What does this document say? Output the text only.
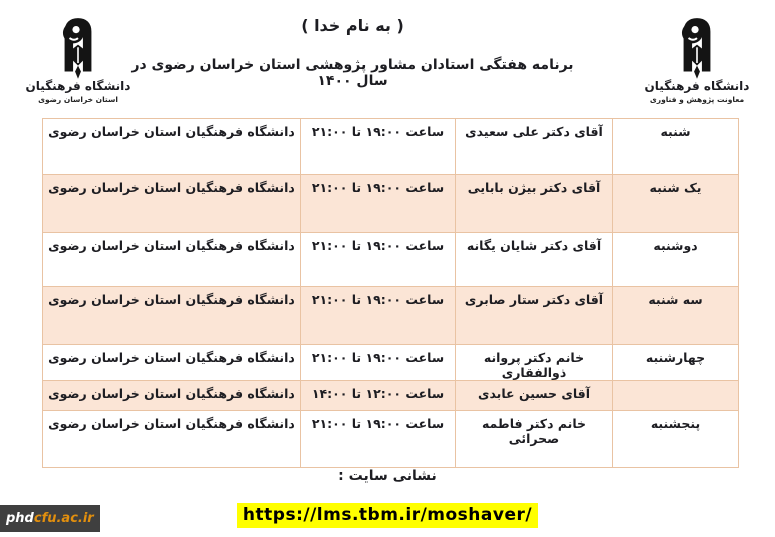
دانشگاه فرهنگیان
استان خراسان رضوی
دانشگاه فرهنگیان
معاونت پژوهش و فناوری
( به نام خدا )
برنامه هفتگی استادان مشاور پژوهشی استان خراسان رضوی در سال ۱۴۰۰
شنبه	آقای دکتر علی سعیدی	ساعت ۱۹:۰۰ تا ۲۱:۰۰	دانشگاه فرهنگیان استان خراسان رضوی
یک شنبه	آقای دکتر بیژن بابایی	ساعت ۱۹:۰۰ تا ۲۱:۰۰	دانشگاه فرهنگیان استان خراسان رضوی
دوشنبه	آقای دکتر شایان یگانه	ساعت ۱۹:۰۰ تا ۲۱:۰۰	دانشگاه فرهنگیان استان خراسان رضوی
سه شنبه	آقای دکتر ستار صابری	ساعت ۱۹:۰۰ تا ۲۱:۰۰	دانشگاه فرهنگیان استان خراسان رضوی
چهارشنبه	خانم دکتر پروانه ذوالفقاری	ساعت ۱۹:۰۰ تا ۲۱:۰۰	دانشگاه فرهنگیان استان خراسان رضوی
	آقای حسین عابدی	ساعت ۱۲:۰۰ تا ۱۴:۰۰	دانشگاه فرهنگیان استان خراسان رضوی
پنجشنبه	خانم دکتر فاطمه صحرائی	ساعت ۱۹:۰۰ تا ۲۱:۰۰	دانشگاه فرهنگیان استان خراسان رضوی
نشانی سایت :
https://lms.tbm.ir/moshaver/
phd cfu.ac.ir
